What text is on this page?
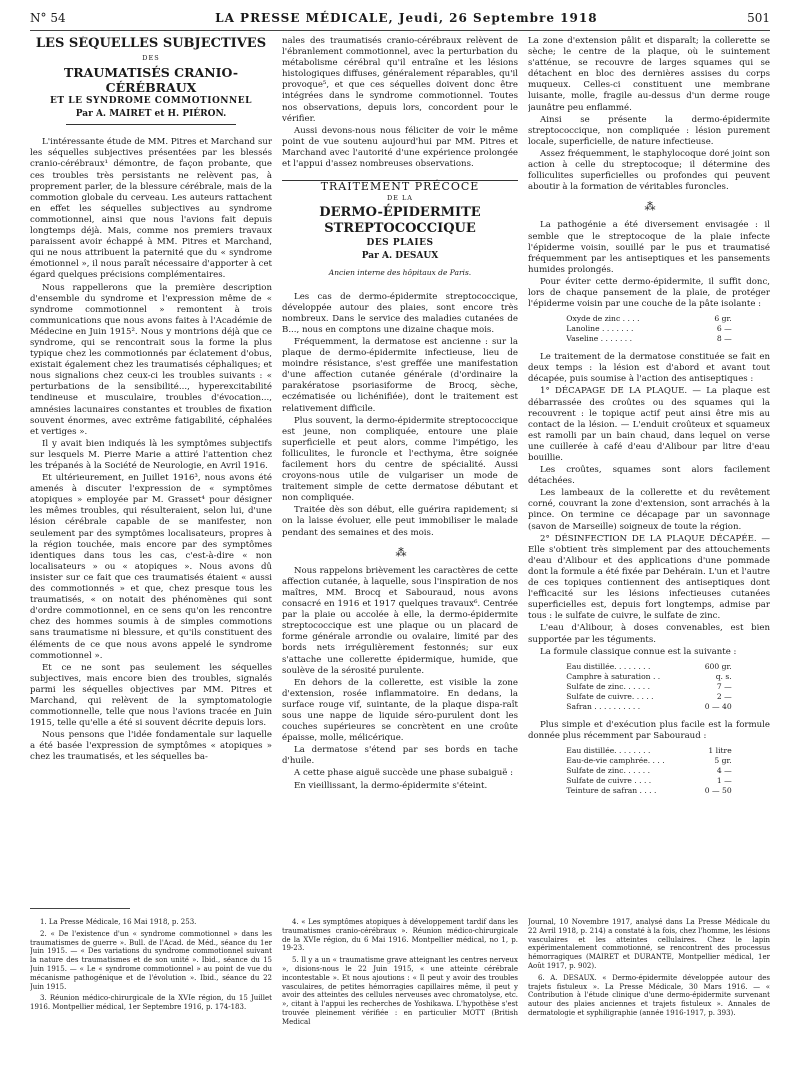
N° 54	LA PRESSE MÉDICALE, Jeudi, 26 Septembre 1918	501

LES SÉQUELLES SUBJECTIVES

DES

TRAUMATISÉS CRANIO-CÉRÉBRAUX

ET LE SYNDROME COMMOTIONNEL

Par A. MAIRET et H. PIÉRON.

L'intéressante étude de MM. Pitres et Marchand sur les séquelles subjectives présentées par les blessés cranio-cérébraux¹ démontre, de façon probante, que ces troubles très persistants ne relèvent pas, à proprement parler, de la blessure cérébrale, mais de la commotion globale du cerveau. Les auteurs rattachent en effet les séquelles subjectives au syndrome commotionnel, ainsi que nous l'avions fait depuis longtemps déjà. Mais, comme nos premiers travaux paraissent avoir échappé à MM. Pitres et Marchand, qui ne nous attribuent la paternité que du « syndrome émotionnel », il nous paraît nécessaire d'apporter à cet égard quelques précisions complémentaires.

Nous rappellerons que la première description d'ensemble du syndrome et l'expression même de « syndrome commotionnel » remontent à trois communications que nous avons faites à l'Académie de Médecine en Juin 1915². Nous y montrions déjà que ce syndrome, qui se rencontrait sous la forme la plus typique chez les commotionnés par éclatement d'obus, existait également chez les traumatisés céphaliques; et nous signalions chez ceux-ci les troubles suivants : « perturbations de la sensibilité..., hyperexcitabilité tendineuse et musculaire, troubles d'évocation..., amnésies lacunaires constantes et troubles de fixation souvent énormes, avec extrême fatigabilité, céphalées et vertiges ».

Il y avait bien indiqués là les symptômes subjectifs sur lesquels M. Pierre Marie a attiré l'attention chez les trépanés à la Société de Neurologie, en Avril 1916.

Et ultérieurement, en Juillet 1916³, nous avons été amenés à discuter l'expression de « symptômes atopiques » employée par M. Grasset⁴ pour désigner les mêmes troubles, qui résulteraient, selon lui, d'une lésion cérébrale capable de se manifester, non seulement par des symptômes localisateurs, propres à la région touchée, mais encore par des symptômes identiques dans tous les cas, c'est-à-dire « non localisateurs » ou « atopiques ». Nous avons dû insister sur ce fait que ces traumatisés étaient « aussi des commotionnés » et que, chez presque tous les traumatisés, « on notait des phénomènes qui sont d'ordre commotionnel, en ce sens qu'on les rencontre chez des hommes soumis à de simples commotions sans traumatisme ni blessure, et qu'ils constituent des éléments de ce que nous avons appelé le syndrome commotionnel ».

Et ce ne sont pas seulement les séquelles subjectives, mais encore bien des troubles, signalés parmi les séquelles objectives par MM. Pitres et Marchand, qui relèvent de la symptomatologie commotionnelle, telle que nous l'avions tracée en Juin 1915, telle qu'elle a été si souvent décrite depuis lors.

Nous pensons que l'idée fondamentale sur laquelle a été basée l'expression de symptômes « atopiques » chez les traumatisés, et les séquelles ba-

nales des traumatisés cranio-cérébraux relèvent de l'ébranlement commotionnel, avec la perturbation du métabolisme cérébral qu'il entraîne et les lésions histologiques diffuses, généralement réparables, qu'il provoque⁵, et que ces séquelles doivent donc être intégrées dans le syndrome commotionnel. Toutes nos observations, depuis lors, concordent pour le vérifier.

Aussi devons-nous nous féliciter de voir le même point de vue soutenu aujourd'hui par MM. Pitres et Marchand avec l'autorité d'une expérience prolongée et l'appui d'assez nombreuses observations.

TRAITEMENT PRÉCOCE

DE LA

DERMO-ÉPIDERMITE STREPTOCOCCIQUE

DES PLAIES

Par A. DESAUX
Ancien interne des hôpitaux de Paris.

Les cas de dermo-épidermite streptococcique, développée autour des plaies, sont encore très nombreux. Dans le service des maladies cutanées de B..., nous en comptons une dizaine chaque mois.

Fréquemment, la dermatose est ancienne : sur la plaque de dermo-épidermite infectieuse, lieu de moindre résistance, s'est greffée une manifestation d'une affection cutanée générale (d'ordinaire la parakératose psoriasiforme de Brocq, sèche, eczématisée ou lichénifiée), dont le traitement est relativement difficile.

Plus souvent, la dermo-épidermite streptococcique est jeune, non compliquée, entoure une plaie superficielle et peut alors, comme l'impétigo, les folliculites, le furoncle et l'ecthyma, être soignée facilement hors du centre de spécialité. Aussi croyons-nous utile de vulgariser un mode de traitement simple de cette dermatose débutant et non compliquée.

Traitée dès son début, elle guérira rapidement; si on la laisse évoluer, elle peut immobiliser le malade pendant des semaines et des mois.

⁂

Nous rappelons brièvement les caractères de cette affection cutanée, à laquelle, sous l'inspiration de nos maîtres, MM. Brocq et Sabouraud, nous avons consacré en 1916 et 1917 quelques travaux⁶. Centrée par la plaie ou accolée à elle, la dermo-épidermite streptococcique est une plaque ou un placard de forme générale arrondie ou ovalaire, limité par des bords nets irrégulièrement festonnés; sur eux s'attache une collerette épidermique, humide, que soulève de la sérosité purulente.

En dehors de la collerette, est visible la zone d'extension, rosée inflammatoire. En dedans, la surface rouge vif, suintante, de la plaque dispa-raît sous une nappe de liquide séro-purulent dont les couches supérieures se concrètent en une croûte épaisse, molle, mélicérique.

La dermatose s'étend par ses bords en tache d'huile.

A cette phase aiguë succède une phase subaiguë :

En vieillissant, la dermo-épidermite s'éteint.

La zone d'extension pâlit et disparaît; la collerette se sèche; le centre de la plaque, où le suintement s'atténue, se recouvre de larges squames qui se détachent en bloc des dernières assises du corps muqueux. Celles-ci constituent une membrane luisante, molle, fragile au-dessus d'un derme rouge jaunâtre peu enflammé.

Ainsi se présente la dermo-épidermite streptococcique, non compliquée : lésion purement locale, superficielle, de nature infectieuse.

Assez fréquemment, le staphylocoque doré joint son action à celle du streptocoque; il détermine des folliculites superficielles ou profondes qui peuvent aboutir à la formation de véritables furoncles.

⁂

La pathogénie a été diversement envisagée : il semble que le streptocoque de la plaie infecte l'épiderme voisin, souillé par le pus et traumatisé fréquemment par les antiseptiques et les pansements humides prolongés.

Pour éviter cette dermo-épidermite, il suffit donc, lors de chaque pansement de la plaie, de protéger l'épiderme voisin par une couche de la pâte isolante :

Oxyde de zinc . . . .	6 gr.
Lanoline . . . . . . .	6 —
Vaseline . . . . . . .	8 —

Le traitement de la dermatose constituée se fait en deux temps : la lésion est d'abord et avant tout décapée, puis soumise à l'action des antiseptiques :

1° DÉCAPAGE DE LA PLAQUE. — La plaque est débarrassée des croûtes ou des squames qui la recouvrent : le topique actif peut ainsi être mis au contact de la lésion. — L'enduit croûteux et squameux est ramolli par un bain chaud, dans lequel on verse une cuillerée à café d'eau d'Alibour par litre d'eau bouillie.

Les croûtes, squames sont alors facilement détachées.

Les lambeaux de la collerette et du revêtement corné, couvrant la zone d'extension, sont arrachés à la pince. On termine ce décapage par un savonnage (savon de Marseille) soigneux de toute la région.

2° DÉSINFECTION DE LA PLAQUE DÉCAPÉE. — Elle s'obtient très simplement par des attouchements d'eau d'Alibour et des applications d'une pommade dont la formule a été fixée par Dehérain. L'un et l'autre de ces topiques contiennent des antiseptiques dont l'efficacité sur les lésions infectieuses cutanées superficielles est, depuis fort longtemps, admise par tous : le sulfate de cuivre, le sulfate de zinc.

L'eau d'Alibour, à doses convenables, est bien supportée par les téguments.

La formule classique connue est la suivante :

Eau distillée. . . . . . . .	600 gr.
Camphre à saturation . .	q. s.
Sulfate de zinc. . . . . .	7 —
Sulfate de cuivre. . . . .	2 —
Safran . . . . . . . . . .	0 — 40

Plus simple et d'exécution plus facile est la formule donnée plus récemment par Sabouraud :

Eau distillée. . . . . . . .	1 litre
Eau-de-vie camphrée. . . .	5 gr.
Sulfate de zinc. . . . . .	4 —
Sulfate de cuivre . . . .	1 —
Teinture de safran . . . .	0 — 50

1. La Presse Médicale, 16 Mai 1918, p. 253.

2. « De l'existence d'un « syndrome commotionnel » dans les traumatismes de guerre ». Bull. de l'Acad. de Méd., séance du 1er Juin 1915. — « Des variations du syndrome commotionnel suivant la nature des traumatismes et de son unité ». Ibid., séance du 15 Juin 1915. — « Le « syndrome commotionnel » au point de vue du mécanisme pathogénique et de l'évolution ». Ibid., séance du 22 Juin 1915.

3. Réunion médico-chirurgicale de la XVIe région, du 15 Juillet 1916. Montpellier médical, 1er Septembre 1916, p. 174-183.

4. « Les symptômes atopiques à développement tardif dans les traumatismes cranio-cérébraux ». Réunion médico-chirurgicale de la XVIe région, du 6 Mai 1916. Montpellier médical, no 1, p. 19-23.

5. Il y a un « traumatisme grave atteignant les centres nerveux », disions-nous le 22 Juin 1915, « une atteinte cérébrale incontestable ». Et nous ajoutions : « Il peut y avoir des troubles vasculaires, de petites hémorragies capillaires même, il peut y avoir des atteintes des cellules nerveuses avec chromatolyse, etc. », citant à l'appui les recherches de Yoshikawa. L'hypothèse s'est trouvée pleinement vérifiée : en particulier MOTT (British Medical

Journal, 10 Novembre 1917, analysé dans La Presse Médicale du 22 Avril 1918, p. 214) a constaté à la fois, chez l'homme, les lésions vasculaires et les atteintes cellulaires. Chez le lapin expérimentalement commotionné, se rencontrent des processus hémorragiques (MAIRET et DURANTE, Montpellier médical, 1er Août 1917, p. 902).

6. A. DESAUX. « Dermo-épidermite développée autour des trajets fistuleux ». La Presse Médicale, 30 Mars 1916. — « Contribution à l'étude clinique d'une dermo-épidermite survenant autour des plaies anciennes et trajets fistuleux ». Annales de dermatologie et syphiligraphie (année 1916-1917, p. 393).
